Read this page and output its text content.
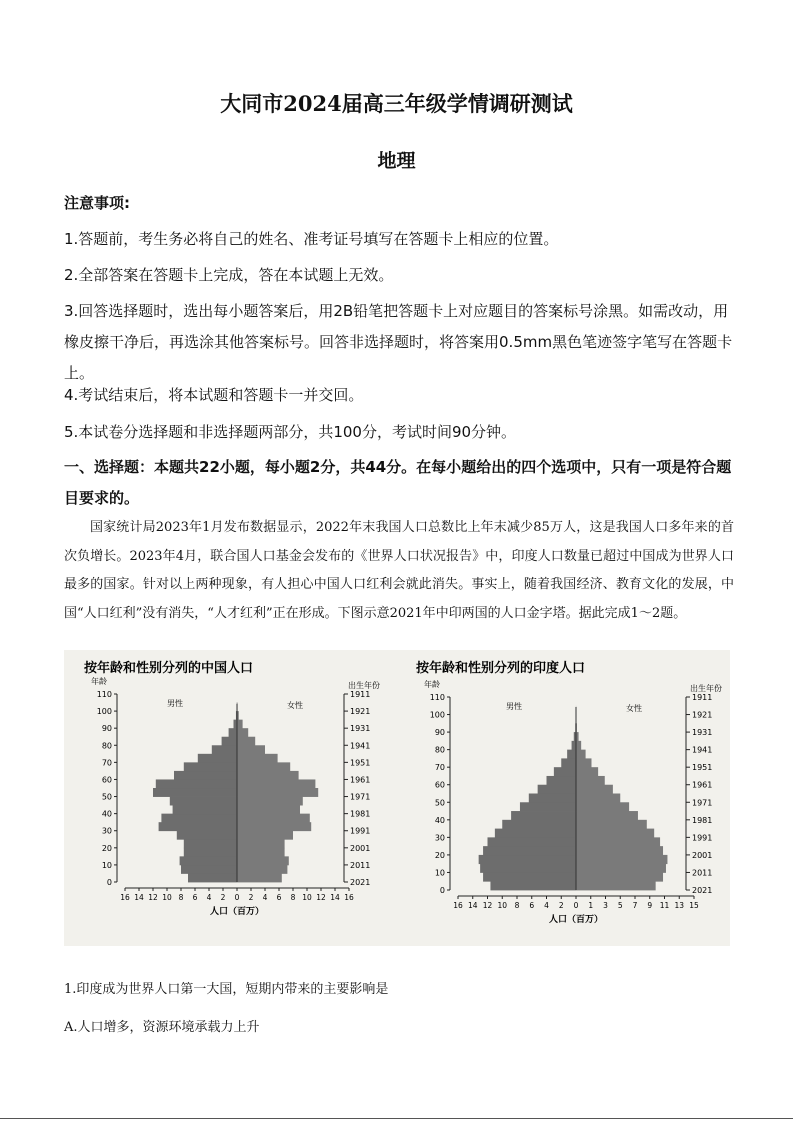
大同市2024届高三年级学情调研测试
地理
注意事项:
1.答题前，考生务必将自己的姓名、准考证号填写在答题卡上相应的位置。
2.全部答案在答题卡上完成，答在本试题上无效。
3.回答选择题时，选出每小题答案后，用2B铅笔把答题卡上对应题目的答案标号涂黑。如需改动，用橡皮擦干净后，再选涂其他答案标号。回答非选择题时，将答案用0.5mm黑色笔迹签字笔写在答题卡上。
4.考试结束后，将本试题和答题卡一并交回。
5.本试卷分选择题和非选择题两部分，共100分，考试时间90分钟。
一、选择题：本题共22小题，每小题2分，共44分。在每小题给出的四个选项中，只有一项是符合题目要求的。
国家统计局2023年1月发布数据显示，2022年末我国人口总数比上年末减少85万人，这是我国人口多年来的首次负增长。2023年4月，联合国人口基金会发布的《世界人口状况报告》中，印度人口数量已超过中国成为世界人口最多的国家。针对以上两种现象，有人担心中国人口红利会就此消失。事实上，随着我国经济、教育文化的发展，中国“人口红利”没有消失，“人才红利”正在形成。下图示意2021年中印两国的人口金字塔。据此完成1～2题。
按年龄和性别分列的中国人口
年龄	出生年份
男性	女性
0
10
20
30
40
50
60
70
80
90
100
110	1911
1921
1931
1941
1951
1961
1971
1981
1991
2001
2011
2021
16 14 12 10 8 6 4 2 0 2 4 6 8 10 12 14 16
人口（百万）
按年龄和性别分列的印度人口
年龄	出生年份
男性	女性
0
10
20
30
40
50
60
70
80
90
100
110	1911
1921
1931
1941
1951
1961
1971
1981
1991
2001
2011
2021
16 14 12 10 8 6 4 2 0 1 3 5 7 9 11 13 15
人口（百万）
1.印度成为世界人口第一大国，短期内带来的主要影响是
A.人口增多，资源环境承载力上升
